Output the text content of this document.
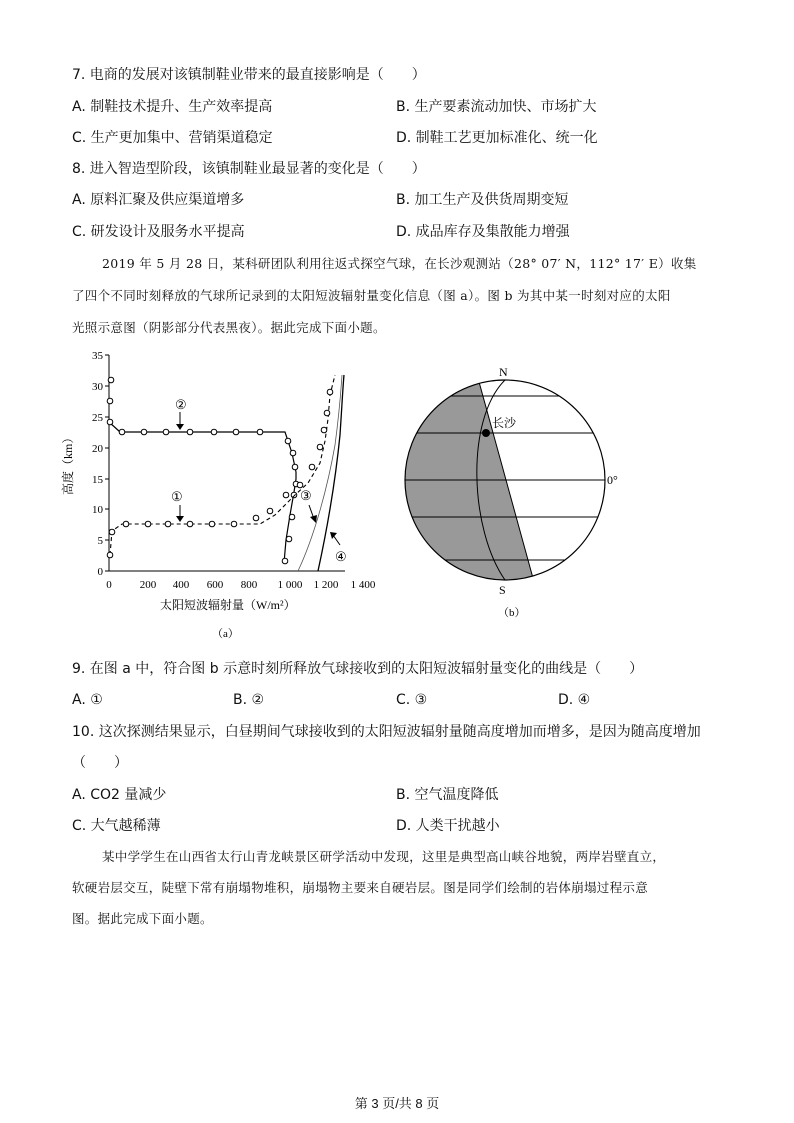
7. 电商的发展对该镇制鞋业带来的最直接影响是（　　）
A. 制鞋技术提升、生产效率提高	B. 生产要素流动加快、市场扩大
C. 生产更加集中、营销渠道稳定	D. 制鞋工艺更加标准化、统一化
8. 进入智造型阶段，该镇制鞋业最显著的变化是（　　）
A. 原料汇聚及供应渠道增多	B. 加工生产及供货周期变短
C. 研发设计及服务水平提高	D. 成品库存及集散能力增强
2019 年 5 月 28 日，某科研团队利用往返式探空气球，在长沙观测站（28° 07′ N，112° 17′ E）收集
了四个不同时刻释放的气球所记录到的太阳短波辐射量变化信息（图 a）。图 b 为其中某一时刻对应的太阳
光照示意图（阴影部分代表黑夜）。据此完成下面小题。
0
5
10
15
20
25
30
35
0	200 400 600 800 1 000 1 200 1 400
高度（km）
太阳短波辐射量（W/m²）
（a）
②
①	③
④
N
S
0°
长沙
（b）
9. 在图 a 中，符合图 b 示意时刻所释放气球接收到的太阳短波辐射量变化的曲线是（　　）
A. ①	B. ②	C. ③	D. ④
10. 这次探测结果显示，白昼期间气球接收到的太阳短波辐射量随高度增加而增多，是因为随高度增加
（　　）
A. CO2 量减少	B. 空气温度降低
C. 大气越稀薄	D. 人类干扰越小
某中学学生在山西省太行山青龙峡景区研学活动中发现，这里是典型高山峡谷地貌，两岸岩壁直立，
软硬岩层交互，陡壁下常有崩塌物堆积，崩塌物主要来自硬岩层。图是同学们绘制的岩体崩塌过程示意
图。据此完成下面小题。
第 3 页/共 8 页
